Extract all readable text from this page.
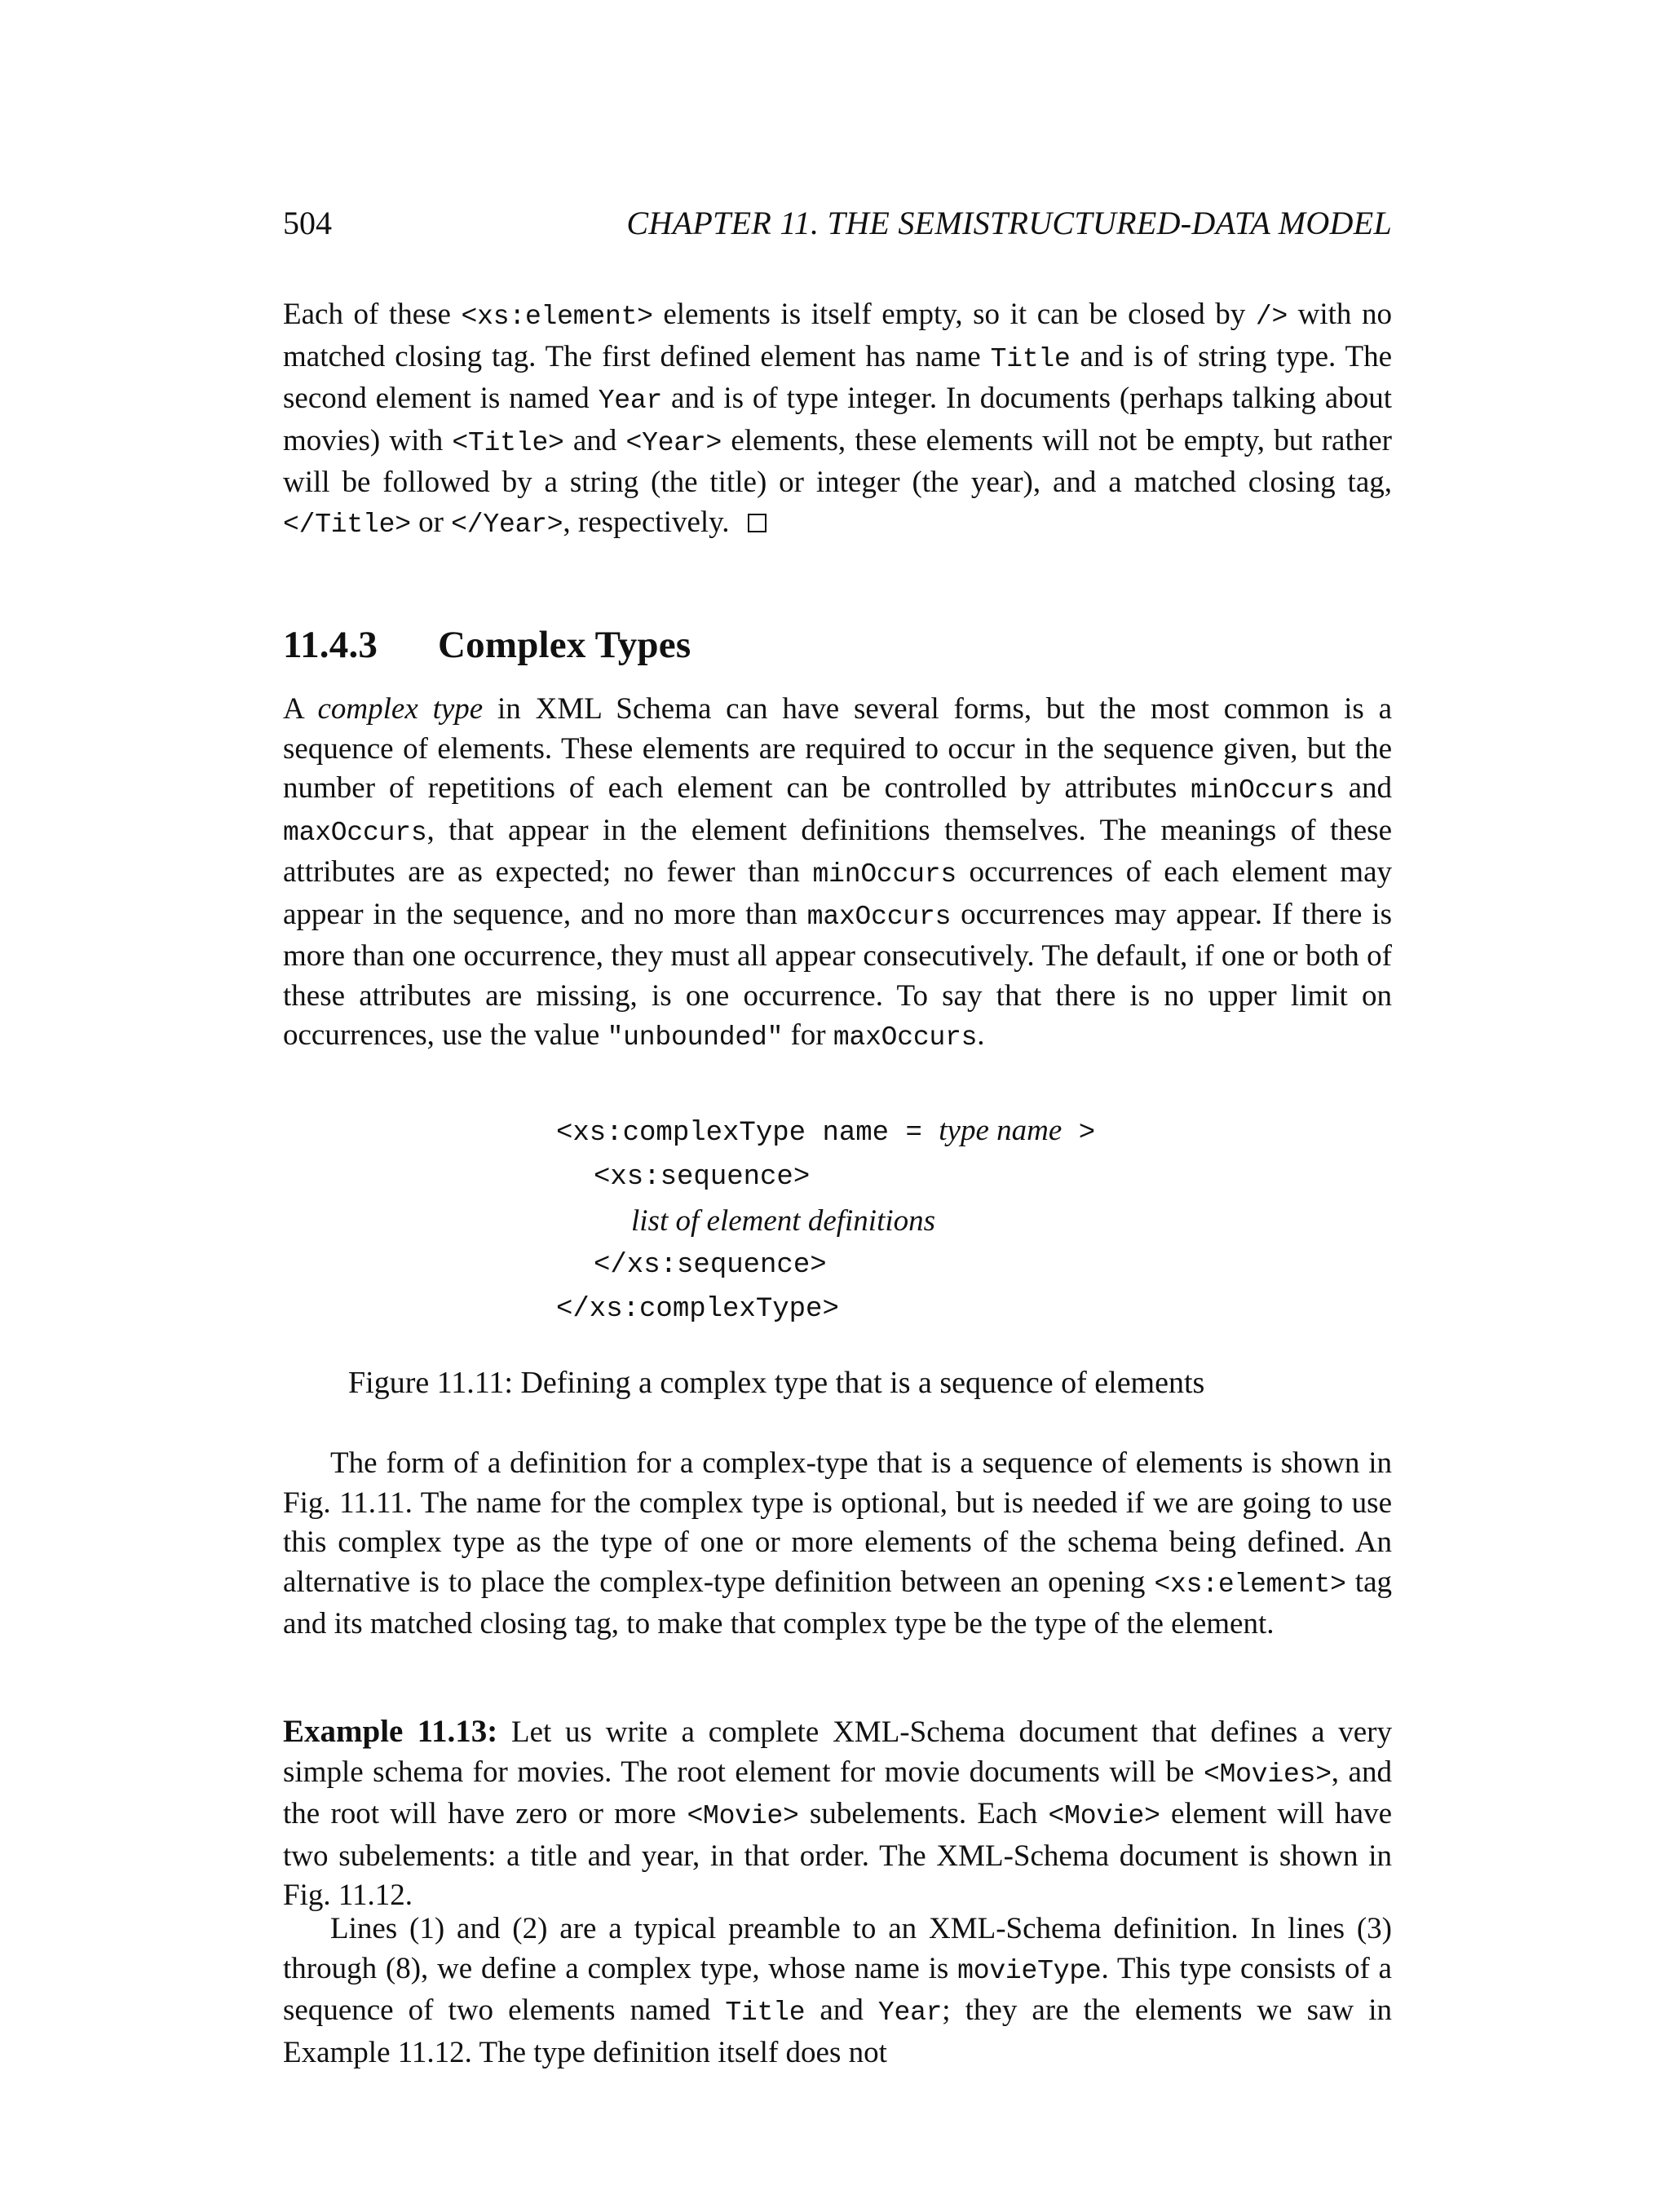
504	CHAPTER 11. THE SEMISTRUCTURED-DATA MODEL
Each of these <xs:element> elements is itself empty, so it can be closed by /> with no matched closing tag. The first defined element has name Title and is of string type. The second element is named Year and is of type integer. In documents (perhaps talking about movies) with <Title> and <Year> elements, these elements will not be empty, but rather will be followed by a string (the title) or integer (the year), and a matched closing tag, </Title> or </Year>, respectively.
11.4.3 Complex Types
A complex type in XML Schema can have several forms, but the most common is a sequence of elements. These elements are required to occur in the sequence given, but the number of repetitions of each element can be controlled by attributes minOccurs and maxOccurs, that appear in the element definitions themselves. The meanings of these attributes are as expected; no fewer than minOccurs occurrences of each element may appear in the sequence, and no more than maxOccurs occurrences may appear. If there is more than one occurrence, they must all appear consecutively. The default, if one or both of these attributes are missing, is one occurrence. To say that there is no upper limit on occurrences, use the value "unbounded" for maxOccurs.
<xs:complexType name = type name >
<xs:sequence>
list of element definitions
</xs:sequence>
</xs:complexType>
Figure 11.11: Defining a complex type that is a sequence of elements
The form of a definition for a complex-type that is a sequence of elements is shown in Fig. 11.11. The name for the complex type is optional, but is needed if we are going to use this complex type as the type of one or more elements of the schema being defined. An alternative is to place the complex-type definition between an opening <xs:element> tag and its matched closing tag, to make that complex type be the type of the element.
Example 11.13: Let us write a complete XML-Schema document that defines a very simple schema for movies. The root element for movie documents will be <Movies>, and the root will have zero or more <Movie> subelements. Each <Movie> element will have two subelements: a title and year, in that order. The XML-Schema document is shown in Fig. 11.12.
Lines (1) and (2) are a typical preamble to an XML-Schema definition. In lines (3) through (8), we define a complex type, whose name is movieType. This type consists of a sequence of two elements named Title and Year; they are the elements we saw in Example 11.12. The type definition itself does not
